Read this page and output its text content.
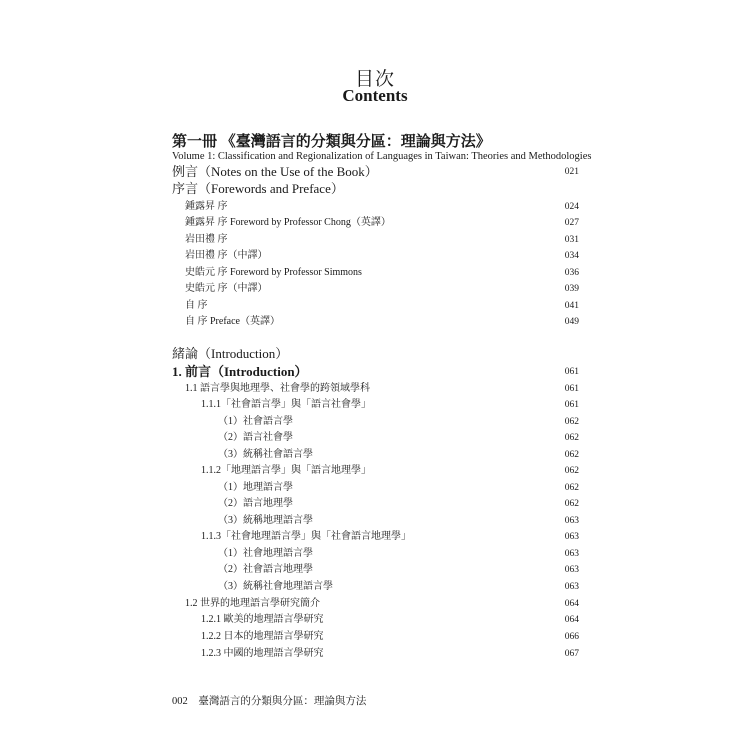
目次
Contents
第一冊 《臺灣語言的分類與分區：理論與方法》
Volume 1: Classification and Regionalization of Languages in Taiwan: Theories and Methodologies
例言（Notes on the Use of the Book）	021
序言（Forewords and Preface）
鍾露昇 序	024
鍾露昇 序 Foreword by Professor Chong（英譯）	027
岩田禮 序	031
岩田禮 序（中譯）	034
史皓元 序 Foreword by Professor Simmons	036
史皓元 序（中譯）	039
自 序	041
自 序 Preface（英譯）	049
緒論（Introduction）
1. 前言（Introduction）	061
1.1 語言學與地理學、社會學的跨領域學科	061
1.1.1「社會語言學」與「語言社會學」	061
（1）社會語言學	062
（2）語言社會學	062
（3）統稱社會語言學	062
1.1.2「地理語言學」與「語言地理學」	062
（1）地理語言學	062
（2）語言地理學	062
（3）統稱地理語言學	063
1.1.3「社會地理語言學」與「社會語言地理學」	063
（1）社會地理語言學	063
（2）社會語言地理學	063
（3）統稱社會地理語言學	063
1.2 世界的地理語言學研究簡介	064
1.2.1 歐美的地理語言學研究	064
1.2.2 日本的地理語言學研究	066
1.2.3 中國的地理語言學研究	067
002 臺灣語言的分類與分區：理論與方法
